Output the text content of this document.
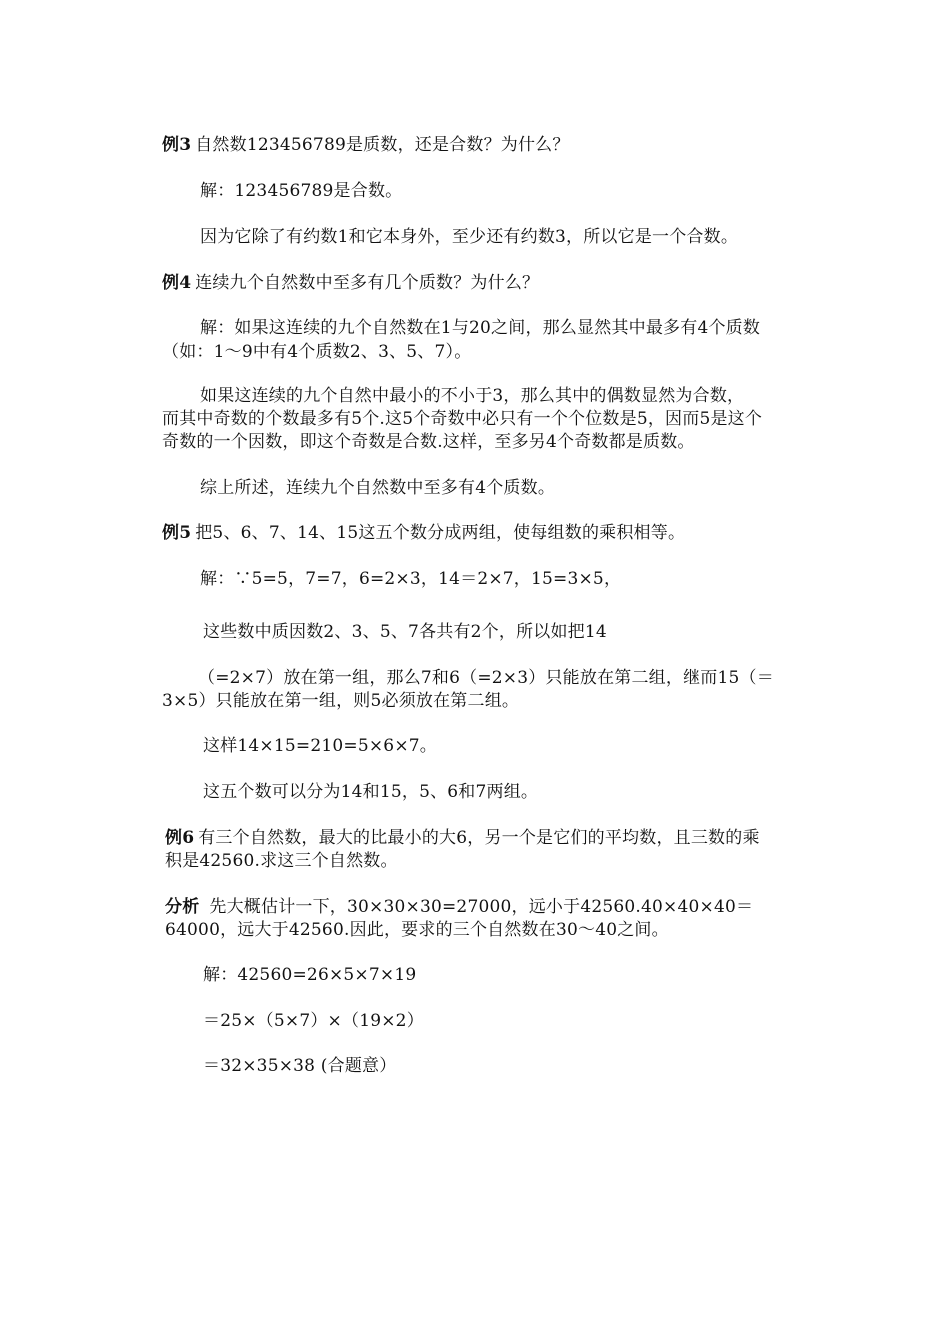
例3 自然数123456789是质数，还是合数？为什么？
解：123456789是合数。
因为它除了有约数1和它本身外，至少还有约数3，所以它是一个合数。
例4 连续九个自然数中至多有几个质数？为什么？
解：如果这连续的九个自然数在1与20之间，那么显然其中最多有4个质数
（如：1～9中有4个质数2、3、5、7）。
如果这连续的九个自然中最小的不小于3，那么其中的偶数显然为合数，
而其中奇数的个数最多有5个.这5个奇数中必只有一个个位数是5，因而5是这个
奇数的一个因数，即这个奇数是合数.这样，至多另4个奇数都是质数。
综上所述，连续九个自然数中至多有4个质数。
例5 把5、6、7、14、15这五个数分成两组，使每组数的乘积相等。
解：∵5=5，7=7，6=2×3，14＝2×7，15=3×5，
这些数中质因数2、3、5、7各共有2个，所以如把14
（=2×7）放在第一组，那么7和6（=2×3）只能放在第二组，继而15（＝
3×5）只能放在第一组，则5必须放在第二组。
这样14×15=210=5×6×7。
这五个数可以分为14和15，5、6和7两组。
例6 有三个自然数，最大的比最小的大6，另一个是它们的平均数，且三数的乘
积是42560.求这三个自然数。
分析 先大概估计一下，30×30×30=27000，远小于42560.40×40×40＝
64000，远大于42560.因此，要求的三个自然数在30～40之间。
解：42560=26×5×7×19
＝25×（5×7）×（19×2）
＝32×35×38 (合题意）
